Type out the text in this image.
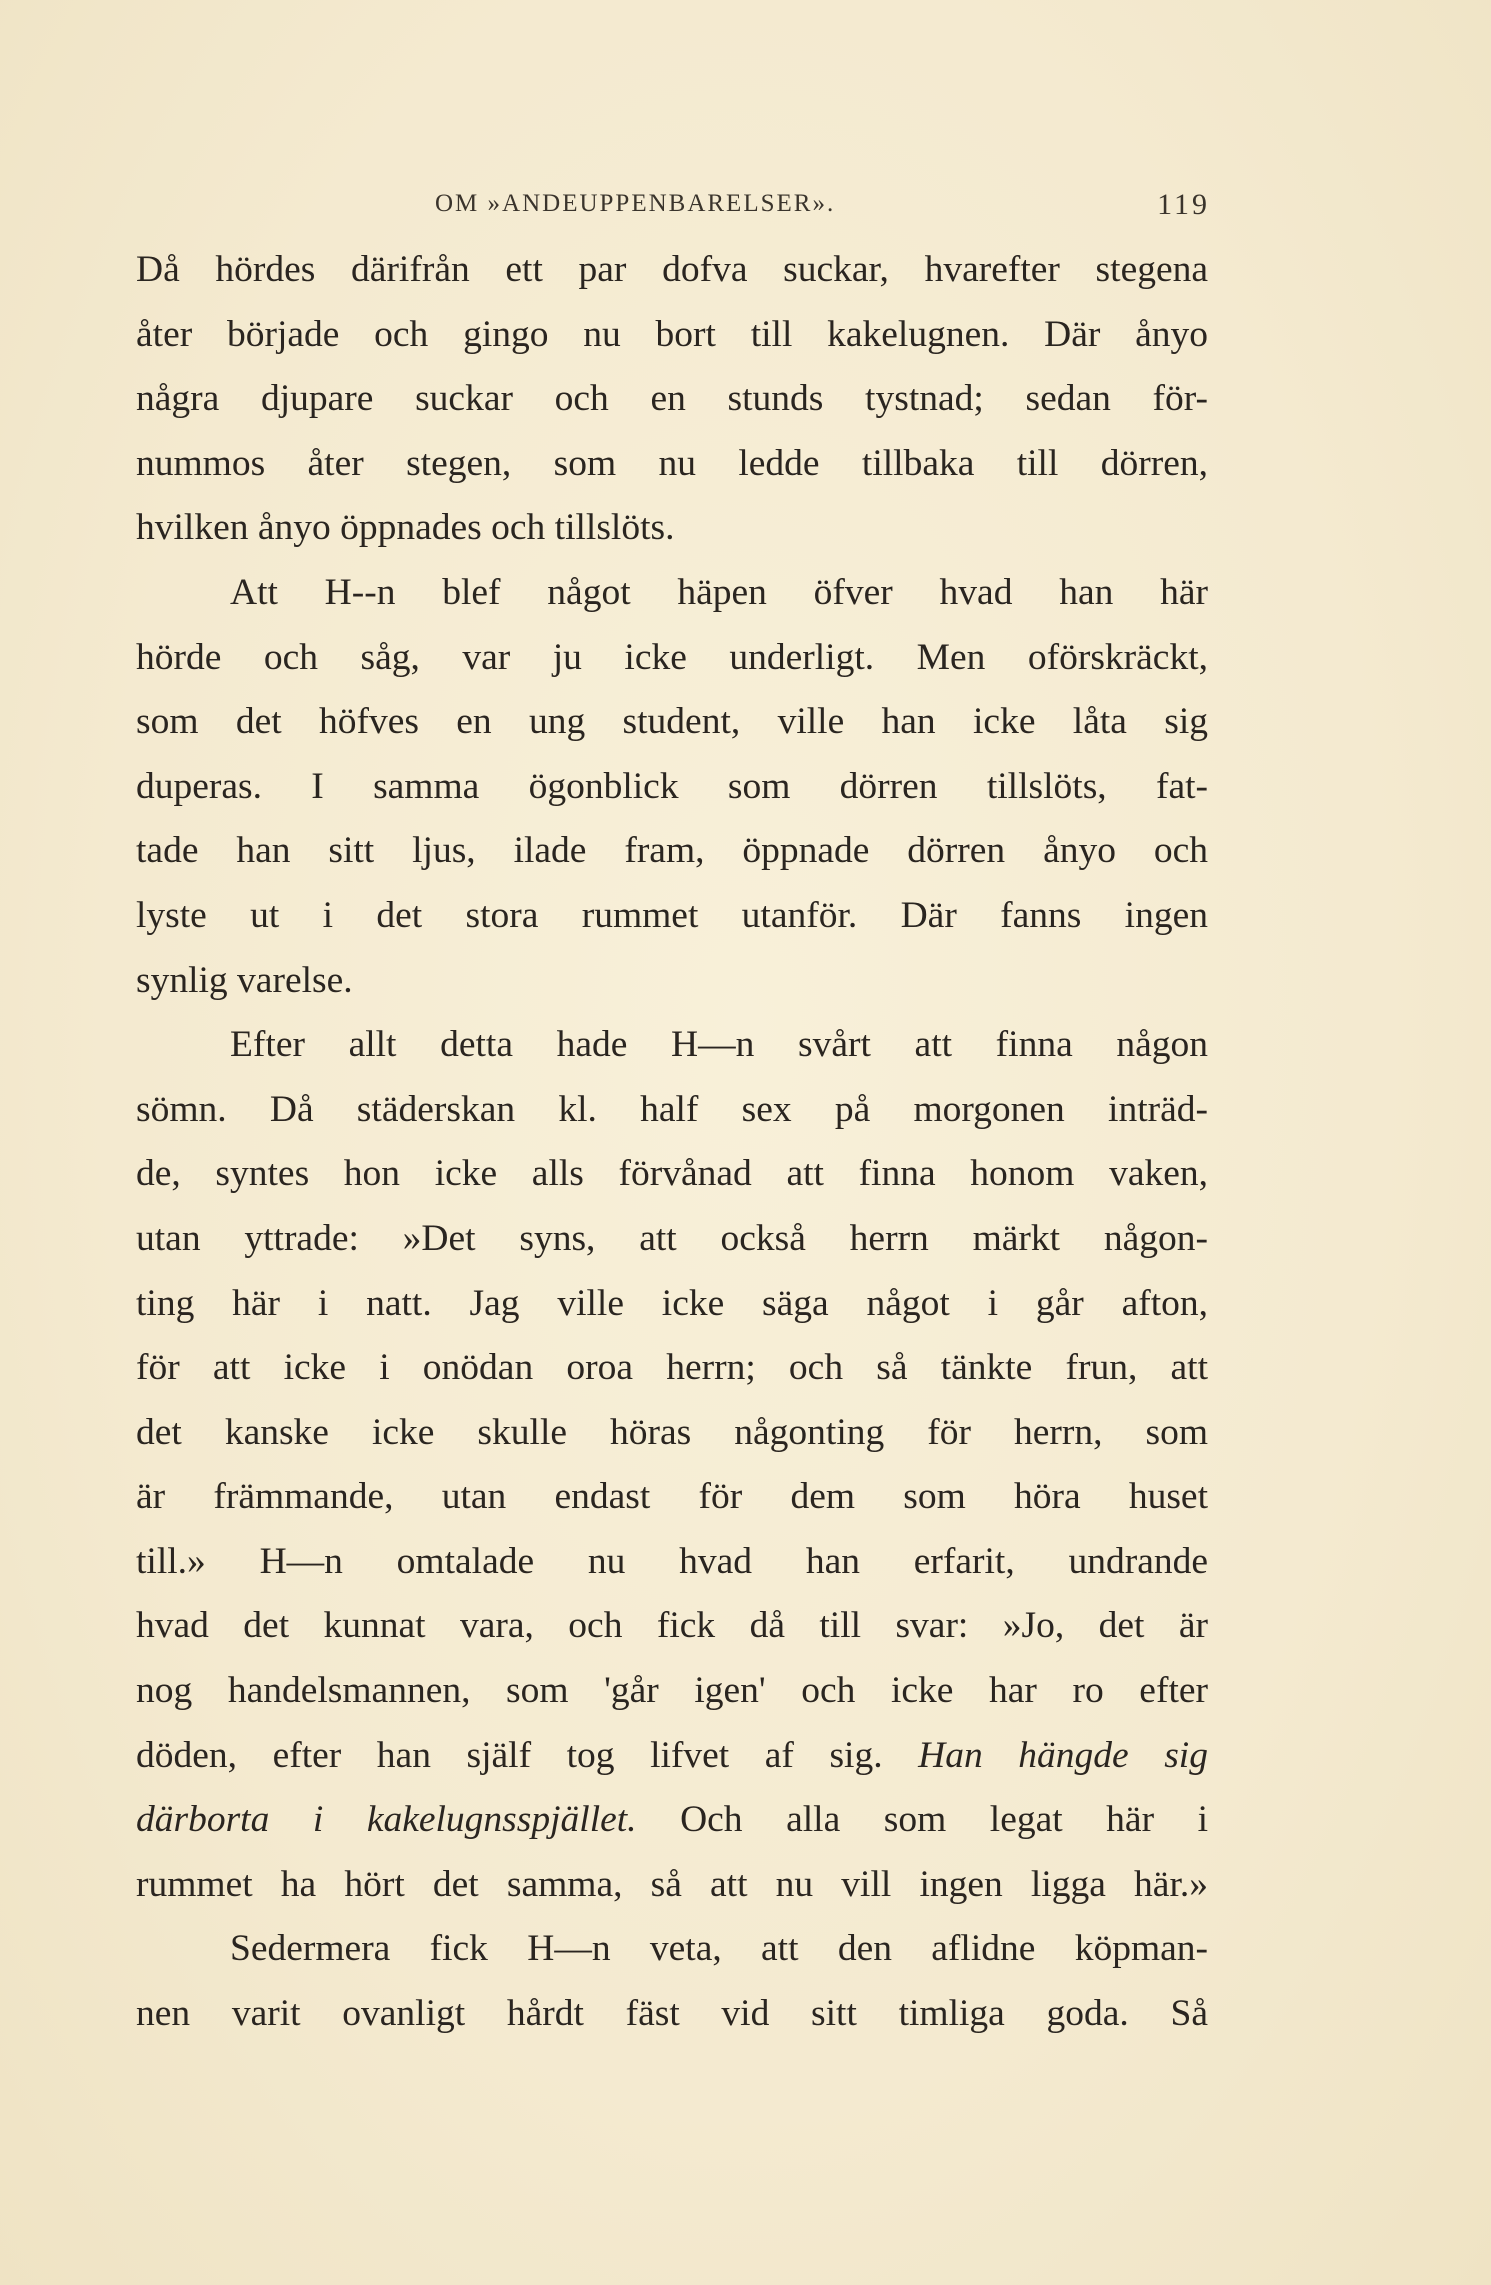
OM »ANDEUPPENBARELSER».	119
Då hördes därifrån ett par dofva suckar, hvarefter stegena
åter började och gingo nu bort till kakelugnen. Där ånyo
några djupare suckar och en stunds tystnad; sedan för-
nummos åter stegen, som nu ledde tillbaka till dörren,
hvilken ånyo öppnades och tillslöts.
Att H--n blef något häpen öfver hvad han här
hörde och såg, var ju icke underligt. Men oförskräckt,
som det höfves en ung student, ville han icke låta sig
duperas. I samma ögonblick som dörren tillslöts, fat-
tade han sitt ljus, ilade fram, öppnade dörren ånyo och
lyste ut i det stora rummet utanför. Där fanns ingen
synlig varelse.
Efter allt detta hade H—n svårt att finna någon
sömn. Då städerskan kl. half sex på morgonen inträd-
de, syntes hon icke alls förvånad att finna honom vaken,
utan yttrade: »Det syns, att också herrn märkt någon-
ting här i natt. Jag ville icke säga något i går afton,
för att icke i onödan oroa herrn; och så tänkte frun, att
det kanske icke skulle höras någonting för herrn, som
är främmande, utan endast för dem som höra huset
till.» H—n omtalade nu hvad han erfarit, undrande
hvad det kunnat vara, och fick då till svar: »Jo, det är
nog handelsmannen, som 'går igen' och icke har ro efter
döden, efter han själf tog lifvet af sig. Han hängde sig
därborta i kakelugnsspjället. Och alla som legat här i
rummet ha hört det samma, så att nu vill ingen ligga här.»
Sedermera fick H—n veta, att den aflidne köpman-
nen varit ovanligt hårdt fäst vid sitt timliga goda. Så
